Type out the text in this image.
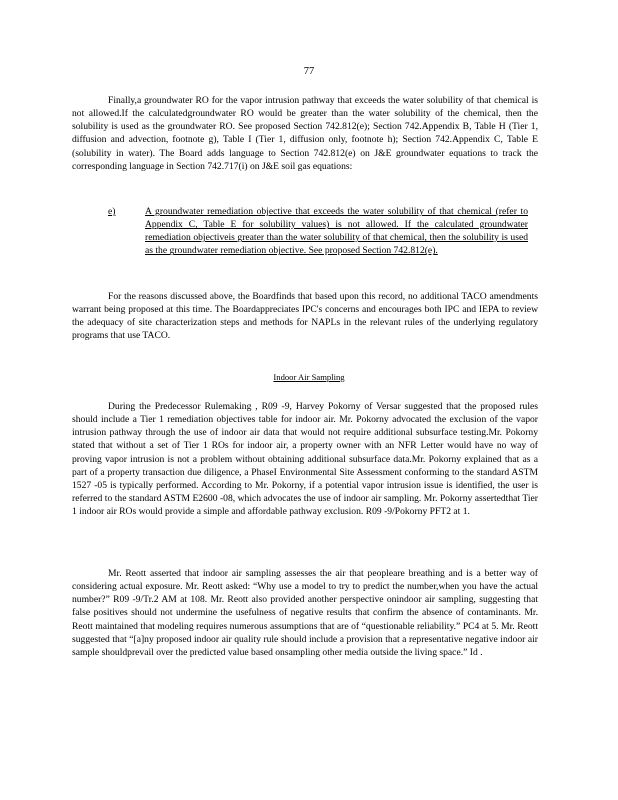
77

Finally,a groundwater RO for the vapor intrusion pathway that exceeds the water solubility of that chemical is not allowed.If the calculatedgroundwater RO would be greater than the water solubility of the chemical, then the solubility is used as the groundwater RO. See proposed Section 742.812(e); Section 742.Appendix B, Table H (Tier 1, diffusion and advection, footnote g), Table I (Tier 1, diffusion only, footnote h); Section 742.Appendix C, Table E (solubility in water). The Board adds language to Section 742.812(e) on J&E groundwater equations to track the corresponding language in Section 742.717(i) on J&E soil gas equations:

e)	A groundwater remediation objective that exceeds the water solubility of that chemical (refer to Appendix C, Table E for solubility values) is not allowed. If the calculated groundwater remediation objectiveis greater than the water solubility of that chemical, then the solubility is used as the groundwater remediation objective. See proposed Section 742.812(e).

For the reasons discussed above, the Boardfinds that based upon this record, no additional TACO amendments warrant being proposed at this time. The Boardappreciates IPC's concerns and encourages both IPC and IEPA to review the adequacy of site characterization steps and methods for NAPLs in the relevant rules of the underlying regulatory programs that use TACO.

Indoor Air Sampling

During the Predecessor Rulemaking , R09 -9, Harvey Pokorny of Versar suggested that the proposed rules should include a Tier 1 remediation objectives table for indoor air. Mr. Pokorny advocated the exclusion of the vapor intrusion pathway through the use of indoor air data that would not require additional subsurface testing.Mr. Pokorny stated that without a set of Tier 1 ROs for indoor air, a property owner with an NFR Letter would have no way of proving vapor intrusion is not a problem without obtaining additional subsurface data.Mr. Pokorny explained that as a part of a property transaction due diligence, a PhaseI Environmental Site Assessment conforming to the standard ASTM 1527 -05 is typically performed. According to Mr. Pokorny, if a potential vapor intrusion issue is identified, the user is referred to the standard ASTM E2600 -08, which advocates the use of indoor air sampling. Mr. Pokorny assertedthat Tier 1 indoor air ROs would provide a simple and affordable pathway exclusion. R09 -9/Pokorny PFT2 at 1.

Mr. Reott asserted that indoor air sampling assesses the air that peopleare breathing and is a better way of considering actual exposure. Mr. Reott asked: “Why use a model to try to predict the number,when you have the actual number?” R09 -9/Tr.2 AM at 108. Mr. Reott also provided another perspective onindoor air sampling, suggesting that false positives should not undermine the usefulness of negative results that confirm the absence of contaminants. Mr. Reott maintained that modeling requires numerous assumptions that are of “questionable reliability.” PC4 at 5. Mr. Reott suggested that “[a]ny proposed indoor air quality rule should include a provision that a representative negative indoor air sample shouldprevail over the predicted value based onsampling other media outside the living space.” Id .
